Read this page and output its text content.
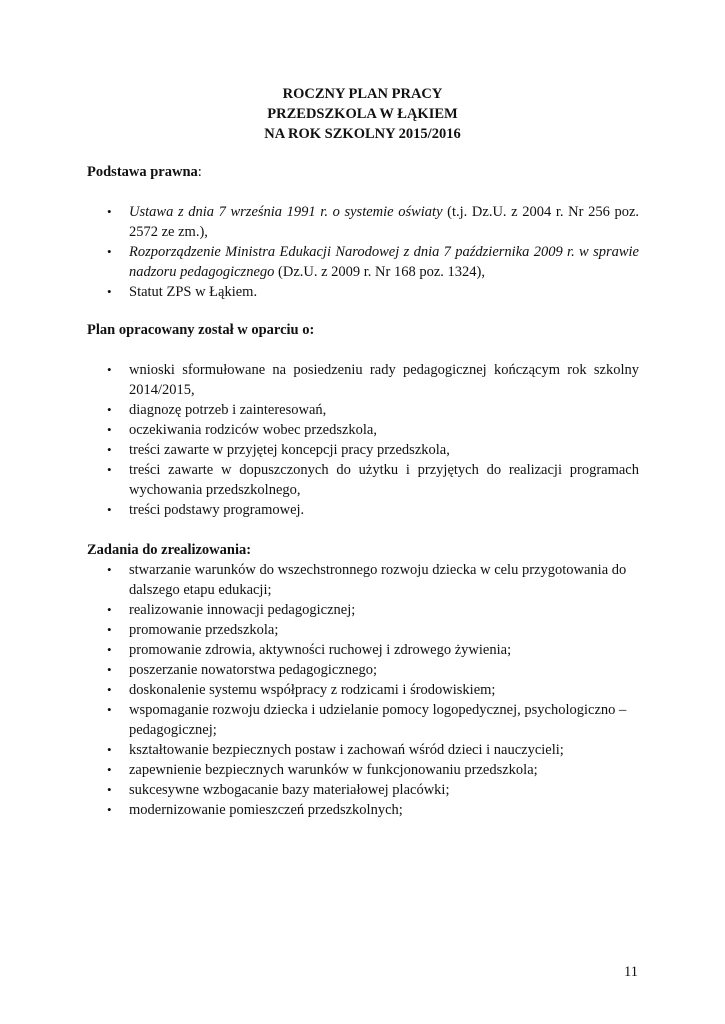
ROCZNY PLAN PRACY
PRZEDSZKOLA W ŁĄKIEM
NA ROK SZKOLNY 2015/2016
Podstawa prawna:
• Ustawa z dnia 7 września 1991 r. o systemie oświaty (t.j. Dz.U. z 2004 r. Nr 256 poz. 2572 ze zm.),
• Rozporządzenie Ministra Edukacji Narodowej z dnia 7 października 2009 r. w sprawie nadzoru pedagogicznego (Dz.U. z 2009 r. Nr 168 poz. 1324),
• Statut ZPS w Łąkiem.
Plan opracowany został w oparciu o:
• wnioski sformułowane na posiedzeniu rady pedagogicznej kończącym rok szkolny 2014/2015,
• diagnozę potrzeb i zainteresowań,
• oczekiwania rodziców wobec przedszkola,
• treści zawarte w przyjętej koncepcji pracy przedszkola,
• treści zawarte w dopuszczonych do użytku i przyjętych do realizacji programach wychowania przedszkolnego,
• treści podstawy programowej.
Zadania do zrealizowania:
• stwarzanie warunków do wszechstronnego rozwoju dziecka w celu przygotowania do dalszego etapu edukacji;
• realizowanie innowacji pedagogicznej;
• promowanie przedszkola;
• promowanie zdrowia, aktywności ruchowej i zdrowego żywienia;
• poszerzanie nowatorstwa pedagogicznego;
• doskonalenie systemu współpracy z rodzicami i środowiskiem;
• wspomaganie rozwoju dziecka i udzielanie pomocy logopedycznej, psychologiczno – pedagogicznej;
• kształtowanie bezpiecznych postaw i zachowań wśród dzieci i nauczycieli;
• zapewnienie bezpiecznych warunków w funkcjonowaniu przedszkola;
• sukcesywne wzbogacanie bazy materiałowej placówki;
• modernizowanie pomieszczeń przedszkolnych;
11
